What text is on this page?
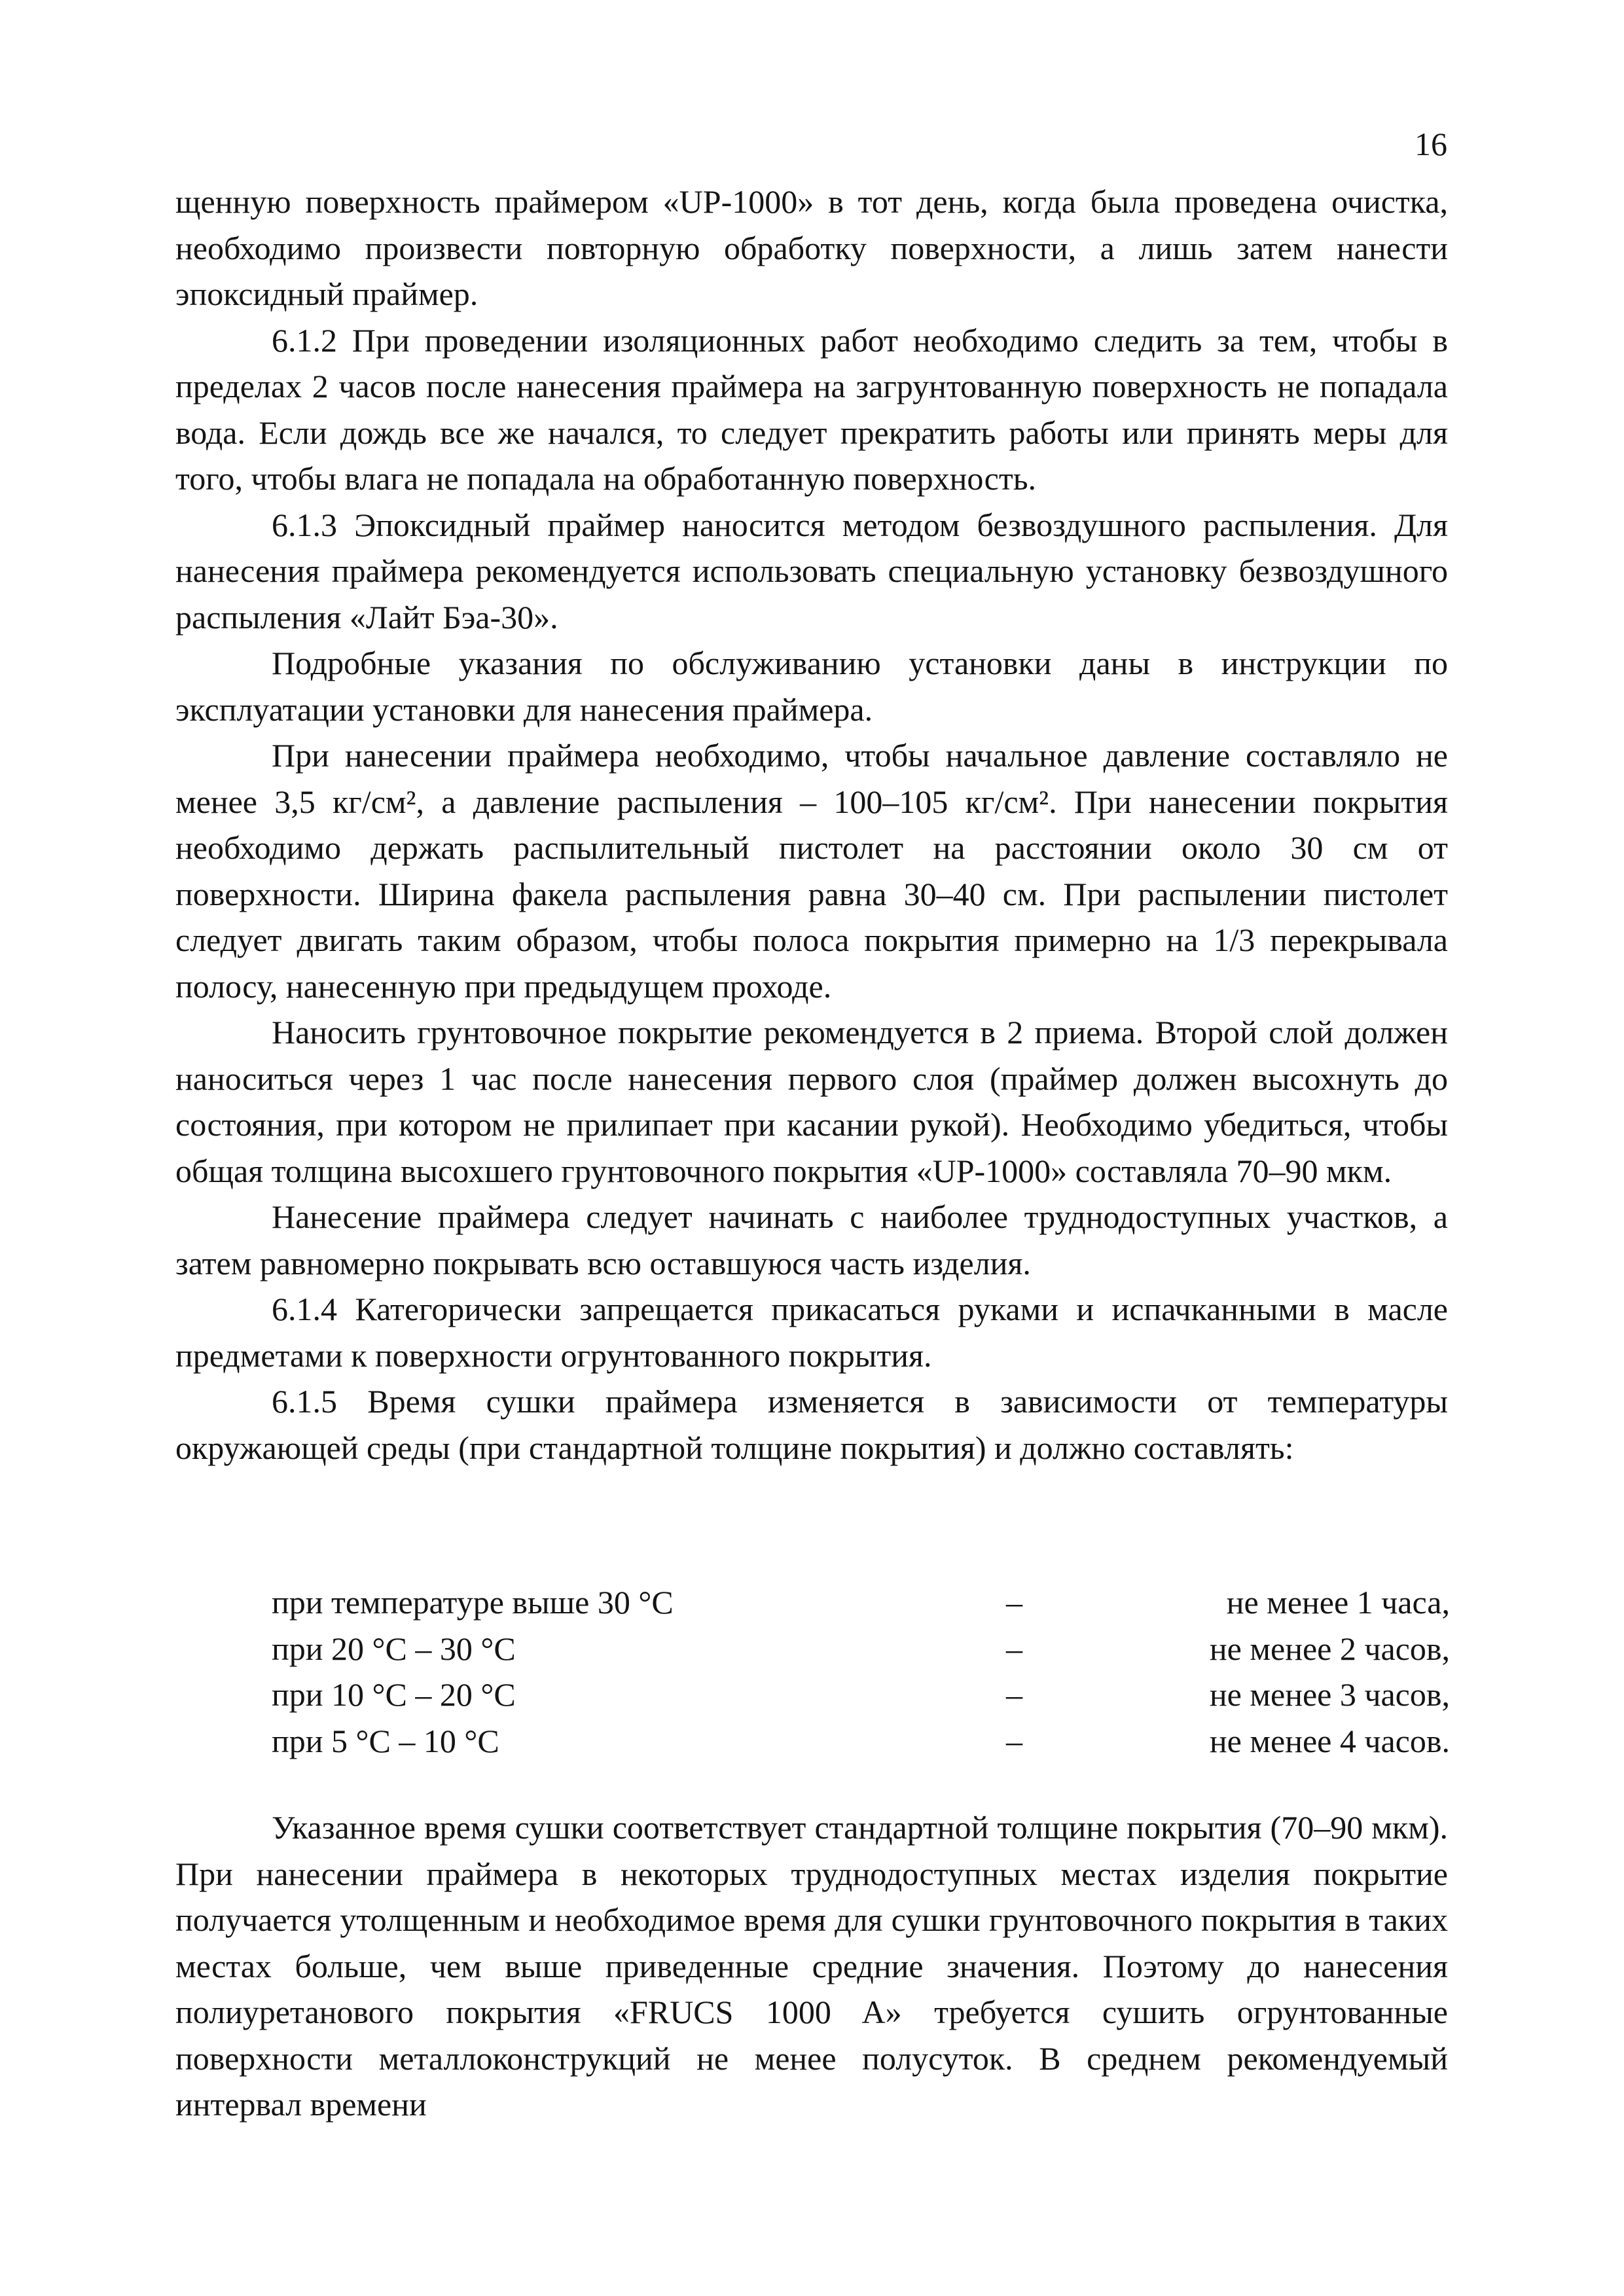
16

щенную поверхность праймером «UP-1000» в тот день, когда была проведена очистка, необходимо произвести повторную обработку поверхности, а лишь затем нанести эпоксидный праймер.

6.1.2 При проведении изоляционных работ необходимо следить за тем, чтобы в пределах 2 часов после нанесения праймера на загрунтованную поверхность не попадала вода. Если дождь все же начался, то следует прекратить работы или принять меры для того, чтобы влага не попадала на обработанную поверхность.

6.1.3 Эпоксидный праймер наносится методом безвоздушного распыления. Для нанесения праймера рекомендуется использовать специальную установку безвоздушного распыления «Лайт Бэа-30».

Подробные указания по обслуживанию установки даны в инструкции по эксплуатации установки для нанесения праймера.

При нанесении праймера необходимо, чтобы начальное давление составляло не менее 3,5 кг/см², а давление распыления – 100–105 кг/см². При нанесении покрытия необходимо держать распылительный пистолет на расстоянии около 30 см от поверхности. Ширина факела распыления равна 30–40 см. При распылении пистолет следует двигать таким образом, чтобы полоса покрытия примерно на 1/3 перекрывала полосу, нанесенную при предыдущем проходе.

Наносить грунтовочное покрытие рекомендуется в 2 приема. Второй слой должен наноситься через 1 час после нанесения первого слоя (праймер должен высохнуть до состояния, при котором не прилипает при касании рукой). Необходимо убедиться, чтобы общая толщина высохшего грунтовочного покрытия «UP-1000» составляла 70–90 мкм.

Нанесение праймера следует начинать с наиболее труднодоступных участков, а затем равномерно покрывать всю оставшуюся часть изделия.

6.1.4 Категорически запрещается прикасаться руками и испачканными в масле предметами к поверхности огрунтованного покрытия.

6.1.5 Время сушки праймера изменяется в зависимости от температуры окружающей среды (при стандартной толщине покрытия) и должно составлять:

при температуре выше 30 °С	–	не менее 1 часа,
при 20 °С – 30 °С	–	не менее 2 часов,
при 10 °С – 20 °С	–	не менее 3 часов,
при 5 °С – 10 °С	–	не менее 4 часов.

Указанное время сушки соответствует стандартной толщине покрытия (70–90 мкм). При нанесении праймера в некоторых труднодоступных местах изделия покрытие получается утолщенным и необходимое время для сушки грунтовочного покрытия в таких местах больше, чем выше приведенные средние значения. Поэтому до нанесения полиуретанового покрытия «FRUCS 1000 A» требуется сушить огрунтованные поверхности металлоконструкций не менее полусуток. В среднем рекомендуемый интервал времени
